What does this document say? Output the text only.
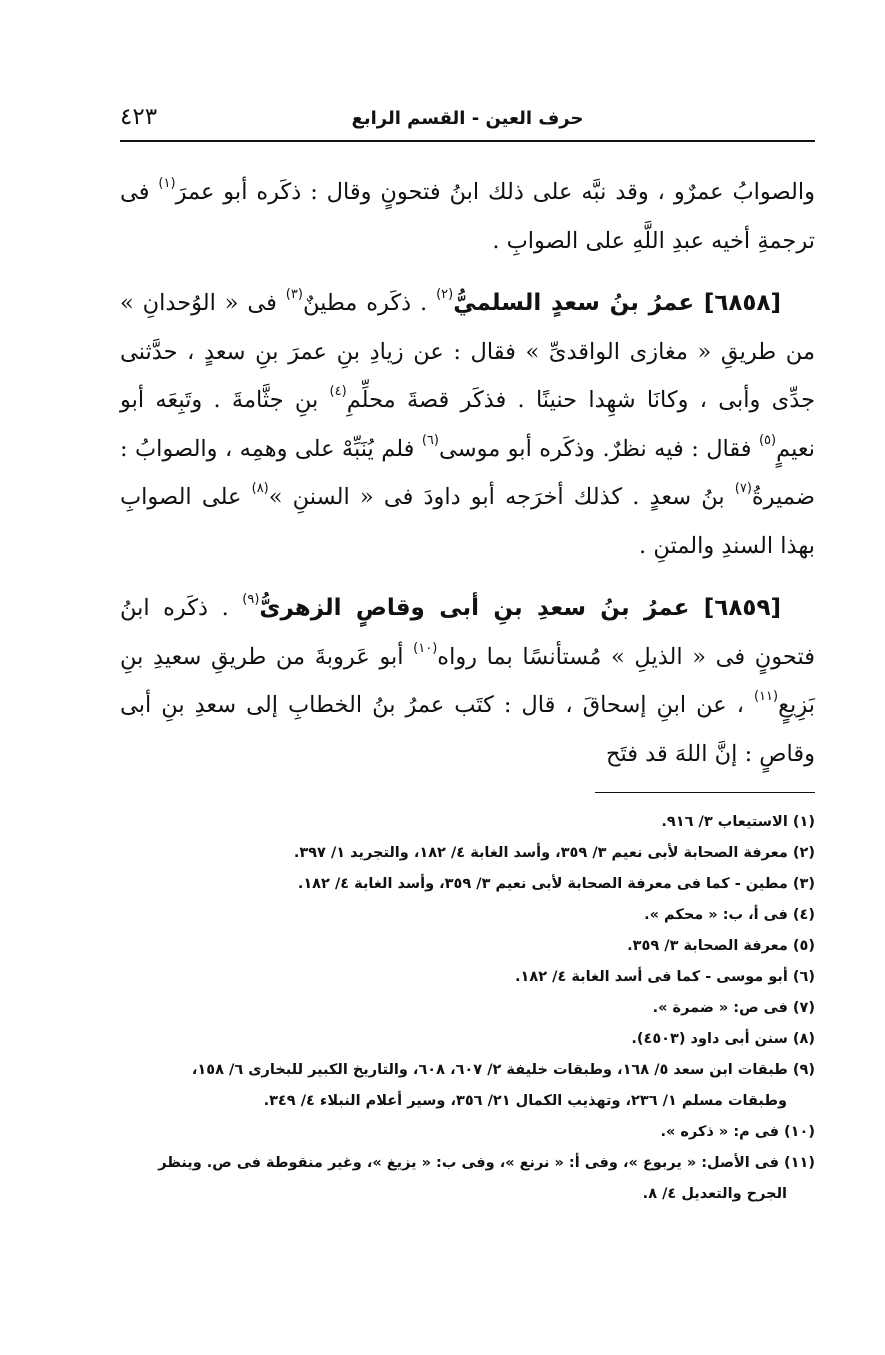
حرف العين - القسم الرابع
٤٢٣

والصوابُ عمرٌو ، وقد نبَّه على ذلك ابنُ فتحونٍ وقال : ذكَره أبو عمرَ$^{(١)}$ فى ترجمةِ أخيه عبدِ اللَّهِ على الصوابِ .

[٦٨٥٨] عمرُ بنُ سعدٍ السلميُّ$^{(٢)}$ . ذكَره مطينٌ$^{(٣)}$ فى « الوُحدانِ » من طريقِ « مغازى الواقدىِّ » فقال : عن زيادِ بنِ عمرَ بنِ سعدٍ ، حدَّثنى جدِّى وأبى ، وكانَا شهِدا حنينًا . فذكَر قصةَ محلِّمِ$^{(٤)}$ بنِ جثَّامةَ . وتَبِعَه أبو نعيمٍ$^{(٥)}$ فقال : فيه نظرٌ. وذكَره أبو موسى$^{(٦)}$ فلم يُنَبِّهْ على وهمِه ، والصوابُ : ضميرةُ$^{(٧)}$ بنُ سعدٍ . كذلك أخرَجه أبو داودَ فى « السننِ »$^{(٨)}$ على الصوابِ بهذا السندِ والمتنِ .

[٦٨٥٩] عمرُ بنُ سعدِ بنِ أبى وقاصٍ الزهرىُّ$^{(٩)}$ . ذكَره ابنُ فتحونٍ فى « الذيلِ » مُستأنسًا بما رواه$^{(١٠)}$ أبو عَروبةَ من طريقِ سعيدِ بنِ بَزِيعٍ$^{(١١)}$ ، عن ابنِ إسحاقَ ، قال : كتَب عمرُ بنُ الخطابِ إلى سعدِ بنِ أبى وقاصٍ : إنَّ اللهَ قد فتَح

(١) الاستيعاب ٣/ ٩١٦.

(٢) معرفة الصحابة لأبى نعيم ٣/ ٣٥٩، وأسد الغابة ٤/ ١٨٢، والتجريد ١/ ٣٩٧.

(٣) مطين - كما فى معرفة الصحابة لأبى نعيم ٣/ ٣٥٩، وأسد الغابة ٤/ ١٨٢.

(٤) فى أ، ب: « محكم ».

(٥) معرفة الصحابة ٣/ ٣٥٩.

(٦) أبو موسى - كما فى أسد الغابة ٤/ ١٨٢.

(٧) فى ص: « ضمرة ».

(٨) سنن أبى داود (٤٥٠٣).

(٩) طبقات ابن سعد ٥/ ١٦٨، وطبقات خليفة ٢/ ٦٠٧، ٦٠٨، والتاريخ الكبير للبخارى ٦/ ١٥٨،

وطبقات مسلم ١/ ٢٣٦، وتهذيب الكمال ٢١/ ٣٥٦، وسير أعلام النبلاء ٤/ ٣٤٩.

(١٠) فى م: « ذكره ».

(١١) فى الأصل: « يربوع »، وفى أ: « نرنع »، وفى ب: « يزيغ »، وغير منقوطة فى ص. وينظر

الجرح والتعديل ٤/ ٨.
